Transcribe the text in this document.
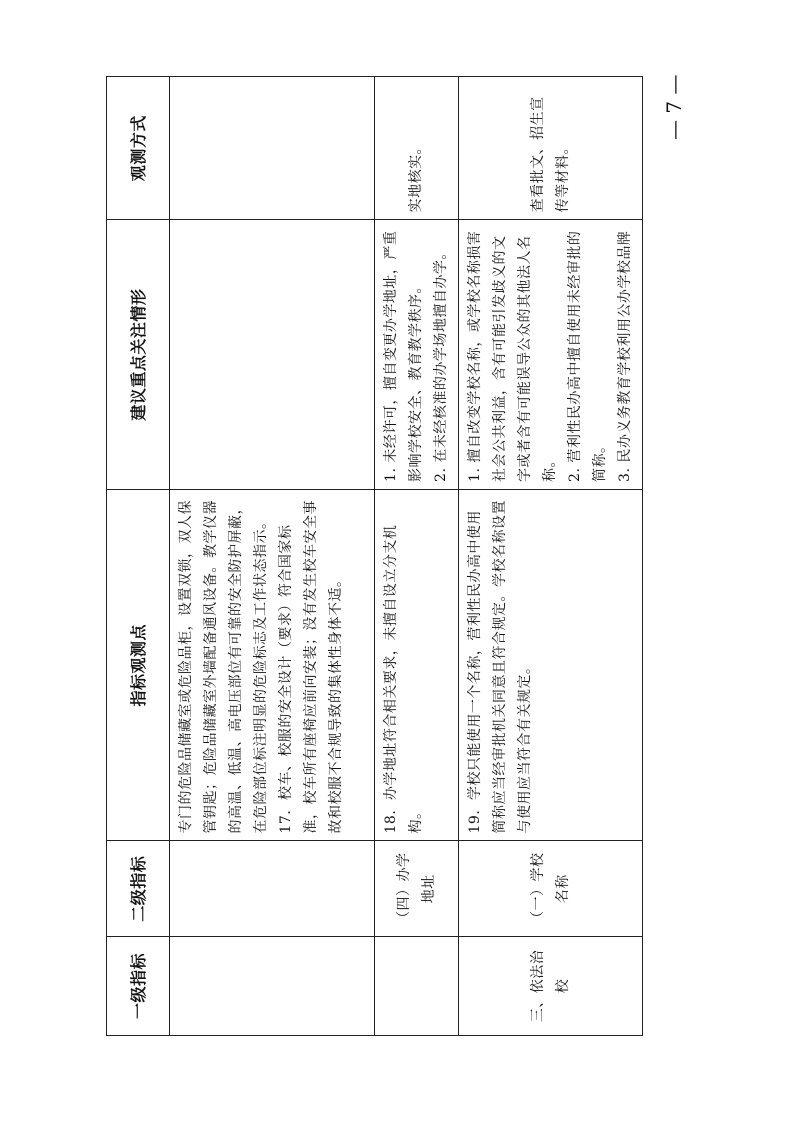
一级指标	二级指标	指标观测点	建议重点关注情形	观测方式

		专门的危险品储藏室或危险品柜，设置双锁，双人保管钥匙；危险品储藏室外墙配备通风设备。教学仪器的高温、低温、高电压部位有可靠的安全防护屏蔽，在危险部位标注明显的危险标志及工作状态指示。 17．校车、校服的安全设计（要求）符合国家标准，校车所有座椅应前向安装；没有发生校车安全事故和校服不合规导致的集体性身体不适。		

	（四）办学地址	18．办学地址符合相关要求，未擅自设立分支机构。	1. 未经许可，擅自变更办学地址，严重影响学校安全、教育教学秩序。 2. 在未经核准的办学场地擅自办学。	实地核实。
三、依法治校	（一）学校名称	19．学校只能使用一个名称，营利性民办高中使用简称应当经审批机关同意且符合规定。学校名称设置与使用应当符合有关规定。	1. 擅自改变学校名称，或学校名称损害社会公共利益，含有可能引发歧义的文字或者含有可能误导公众的其他法人名称。 2. 营利性民办高中擅自使用未经审批的简称。 3. 民办义务教育学校利用公办学校品牌	查看批文、招生宣传等材料。
— 7 —
